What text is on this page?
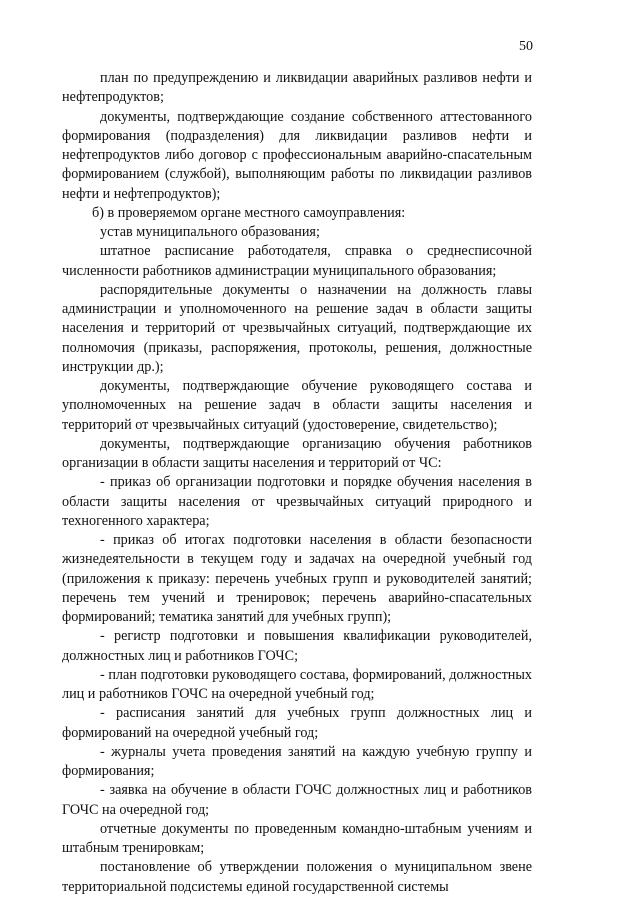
50

план по предупреждению и ликвидации аварийных разливов нефти и нефтепродуктов;

документы, подтверждающие создание собственного аттестованного формирования (подразделения) для ликвидации разливов нефти и нефтепродуктов либо договор с профессиональным аварийно-спасательным формированием (службой), выполняющим работы по ликвидации разливов нефти и нефтепродуктов);

б) в проверяемом органе местного самоуправления:

устав муниципального образования;

штатное расписание работодателя, справка о среднесписочной численности работников администрации муниципального образования;

распорядительные документы о назначении на должность главы администрации и уполномоченного на решение задач в области защиты населения и территорий от чрезвычайных ситуаций, подтверждающие их полномочия (приказы, распоряжения, протоколы, решения, должностные инструкции др.);

документы, подтверждающие обучение руководящего состава и уполномоченных на решение задач в области защиты населения и территорий от чрезвычайных ситуаций (удостоверение, свидетельство);

документы, подтверждающие организацию обучения работников организации в области защиты населения и территорий от ЧС:

- приказ об организации подготовки и порядке обучения населения в области защиты населения от чрезвычайных ситуаций природного и техногенного характера;

- приказ об итогах подготовки населения в области безопасности жизнедеятельности в текущем году и задачах на очередной учебный год (приложения к приказу: перечень учебных групп и руководителей занятий; перечень тем учений и тренировок; перечень аварийно-спасательных формирований; тематика занятий для учебных групп);

- регистр подготовки и повышения квалификации руководителей, должностных лиц и работников ГОЧС;

- план подготовки руководящего состава, формирований, должностных лиц и работников ГОЧС на очередной учебный год;

- расписания занятий для учебных групп должностных лиц и формирований на очередной учебный год;

- журналы учета проведения занятий на каждую учебную группу и формирования;

- заявка на обучение в области ГОЧС должностных лиц и работников ГОЧС на очередной год;

отчетные документы по проведенным командно-штабным учениям и штабным тренировкам;

постановление об утверждении положения о муниципальном звене территориальной подсистемы единой государственной системы
